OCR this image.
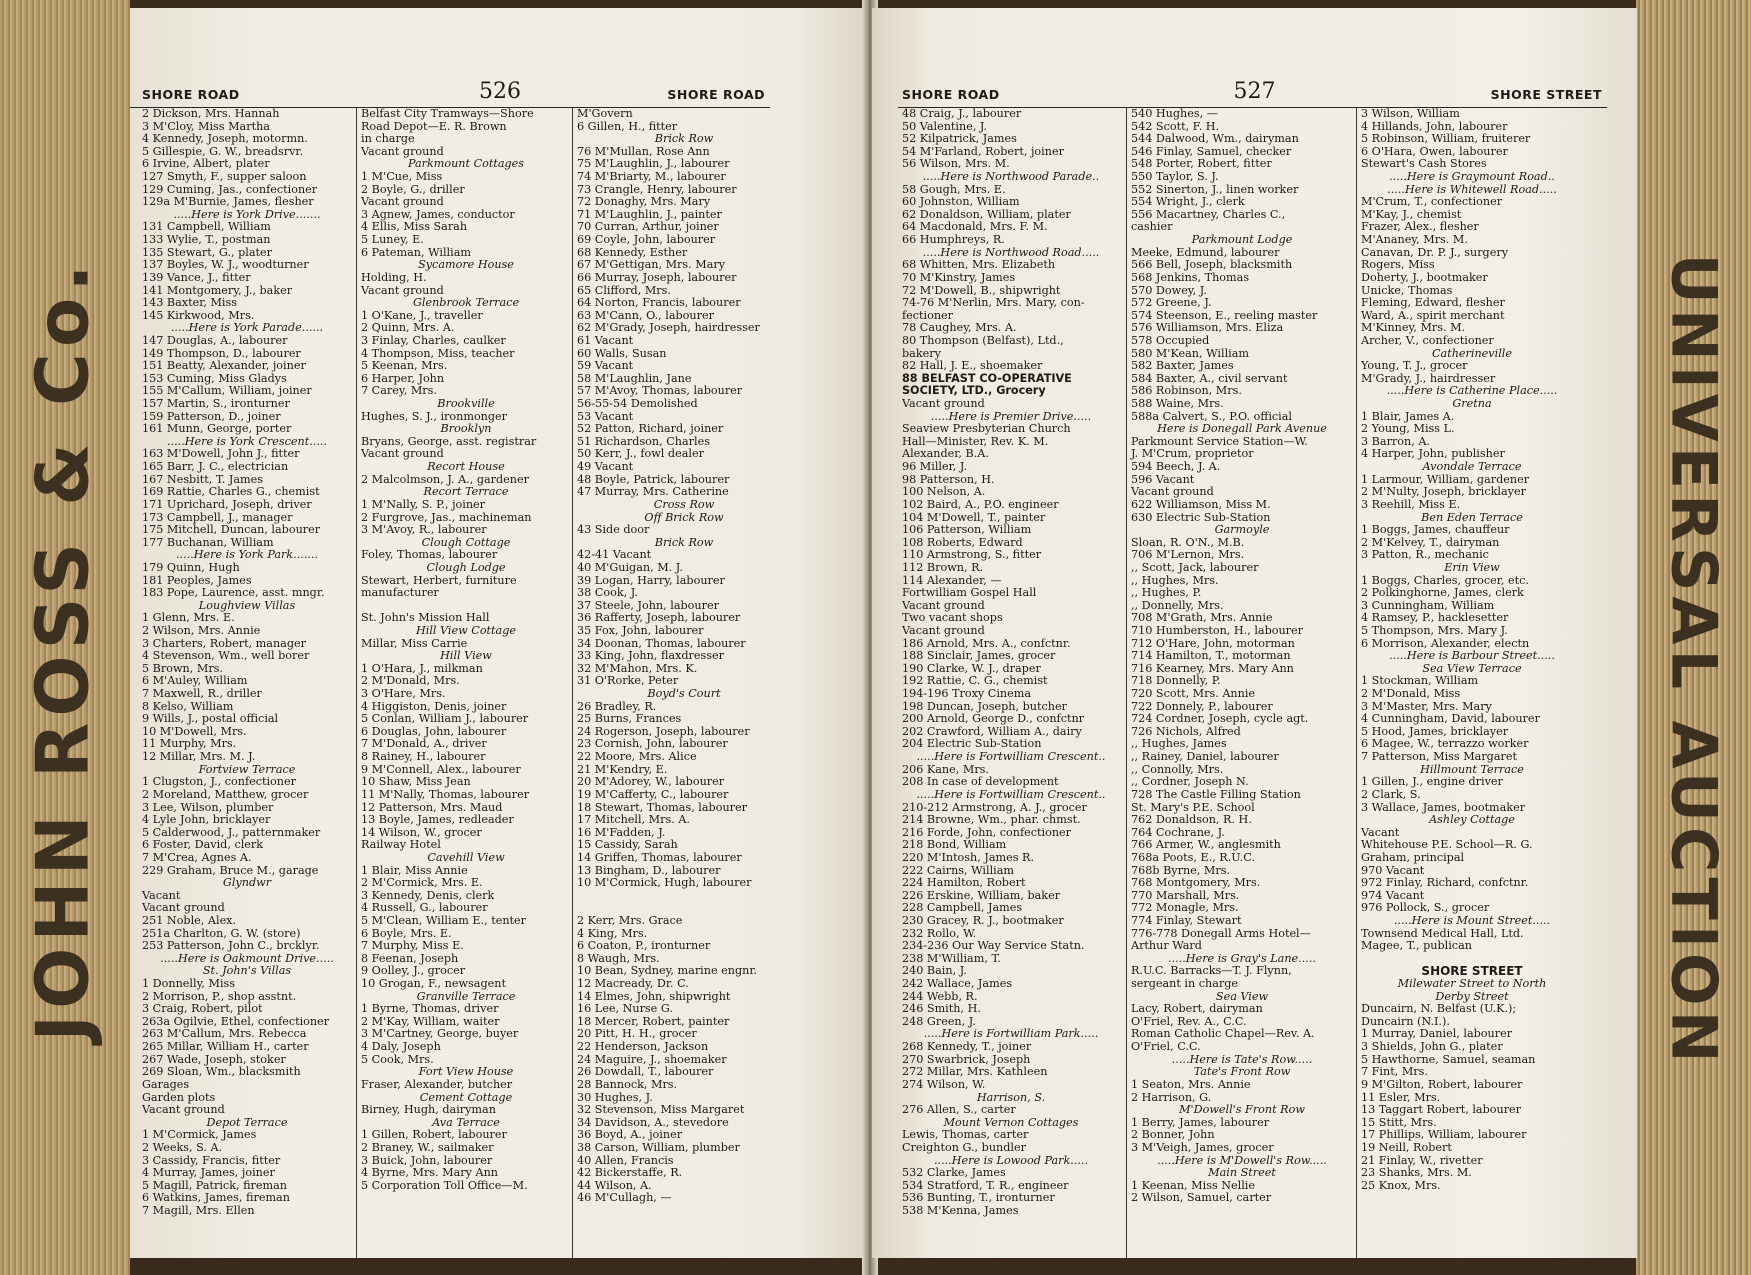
JOHN ROSS & Co.	UNIVERSAL AUCTION
SHORE ROAD	526	SHORE ROAD
2 Dickson, Mrs. Hannah
3 M'Cloy, Miss Martha
4 Kennedy, Joseph, motormn.
5 Gillespie, G. W., breadsrvr.
6 Irvine, Albert, plater
127 Smyth, F., supper saloon
129 Cuming, Jas., confectioner
129a M'Burnie, James, flesher
.....Here is York Drive.......
131 Campbell, William
133 Wylie, T., postman
135 Stewart, G., plater
137 Boyles, W. J., woodturner
139 Vance, J., fitter
141 Montgomery, J., baker
143 Baxter, Miss
145 Kirkwood, Mrs.
.....Here is York Parade......
147 Douglas, A., labourer
149 Thompson, D., labourer
151 Beatty, Alexander, joiner
153 Cuming, Miss Gladys
155 M'Callum, William, joiner
157 Martin, S., ironturner
159 Patterson, D., joiner
161 Munn, George, porter
.....Here is York Crescent.....
163 M'Dowell, John J., fitter
165 Barr, J. C., electrician
167 Nesbitt, T. James
169 Rattie, Charles G., chemist
171 Uprichard, Joseph, driver
173 Campbell, J., manager
175 Mitchell, Duncan, labourer
177 Buchanan, William
.....Here is York Park.......
179 Quinn, Hugh
181 Peoples, James
183 Pope, Laurence, asst. mngr.
Loughview Villas
1 Glenn, Mrs. E.
2 Wilson, Mrs. Annie
3 Charters, Robert, manager
4 Stevenson, Wm., well borer
5 Brown, Mrs.
6 M'Auley, William
7 Maxwell, R., driller
8 Kelso, William
9 Wills, J., postal official
10 M'Dowell, Mrs.
11 Murphy, Mrs.
12 Millar, Mrs. M. J.
Fortview Terrace
1 Clugston, J., confectioner
2 Moreland, Matthew, grocer
3 Lee, Wilson, plumber
4 Lyle John, bricklayer
5 Calderwood, J., patternmaker
6 Foster, David, clerk
7 M'Crea, Agnes A.
229 Graham, Bruce M., garage
Glyndwr
Vacant
Vacant ground
251 Noble, Alex.
251a Charlton, G. W. (store)
253 Patterson, John C., brcklyr.
.....Here is Oakmount Drive.....
St. John's Villas
1 Donnelly, Miss
2 Morrison, P., shop asstnt.
3 Craig, Robert, pilot
263a Ogilvie, Ethel, confectioner
263 M'Callum, Mrs. Rebecca
265 Millar, William H., carter
267 Wade, Joseph, stoker
269 Sloan, Wm., blacksmith
Garages
Garden plots
Vacant ground
Depot Terrace
1 M'Cormick, James
2 Weeks, S. A.
3 Cassidy, Francis, fitter
4 Murray, James, joiner
5 Magill, Patrick, fireman
6 Watkins, James, fireman
7 Magill, Mrs. Ellen
Belfast City Tramways—Shore
Road Depot—E. R. Brown
in charge
Vacant ground
Parkmount Cottages
1 M'Cue, Miss
2 Boyle, G., driller
Vacant ground
3 Agnew, James, conductor
4 Ellis, Miss Sarah
5 Luney, E.
6 Pateman, William
Sycamore House
Holding, H.
Vacant ground
Glenbrook Terrace
1 O'Kane, J., traveller
2 Quinn, Mrs. A.
3 Finlay, Charles, caulker
4 Thompson, Miss, teacher
5 Keenan, Mrs.
6 Harper, John
7 Carey, Mrs.
Brookville
Hughes, S. J., ironmonger
Brooklyn
Bryans, George, asst. registrar
Vacant ground
Recort House
2 Malcolmson, J. A., gardener
Recort Terrace
1 M'Nally, S. P., joiner
2 Furgrove, Jas., machineman
3 M'Avoy, R., labourer
Clough Cottage
Foley, Thomas, labourer
Clough Lodge
Stewart, Herbert, furniture
manufacturer
St. John's Mission Hall
Hill View Cottage
Millar, Miss Carrie
Hill View
1 O'Hara, J., milkman
2 M'Donald, Mrs.
3 O'Hare, Mrs.
4 Higgiston, Denis, joiner
5 Conlan, William J., labourer
6 Douglas, John, labourer
7 M'Donald, A., driver
8 Rainey, H., labourer
9 M'Connell, Alex., labourer
10 Shaw, Miss Jean
11 M'Nally, Thomas, labourer
12 Patterson, Mrs. Maud
13 Boyle, James, redleader
14 Wilson, W., grocer
Railway Hotel
Cavehill View
1 Blair, Miss Annie
2 M'Cormick, Mrs. E.
3 Kennedy, Denis, clerk
4 Russell, G., labourer
5 M'Clean, William E., tenter
6 Boyle, Mrs. E.
7 Murphy, Miss E.
8 Feenan, Joseph
9 Oolley, J., grocer
10 Grogan, F., newsagent
Granville Terrace
1 Byrne, Thomas, driver
2 M'Kay, William, waiter
3 M'Cartney, George, buyer
4 Daly, Joseph
5 Cook, Mrs.
Fort View House
Fraser, Alexander, butcher
Cement Cottage
Birney, Hugh, dairyman
Ava Terrace
1 Gillen, Robert, labourer
2 Braney, W., sailmaker
3 Buick, John, labourer
4 Byrne, Mrs. Mary Ann
5 Corporation Toll Office—M.
M'Govern
6 Gillen, H., fitter
Brick Row
76 M'Mullan, Rose Ann
75 M'Laughlin, J., labourer
74 M'Briarty, M., labourer
73 Crangle, Henry, labourer
72 Donaghy, Mrs. Mary
71 M'Laughlin, J., painter
70 Curran, Arthur, joiner
69 Coyle, John, labourer
68 Kennedy, Esther
67 M'Gettigan, Mrs. Mary
66 Murray, Joseph, labourer
65 Clifford, Mrs.
64 Norton, Francis, labourer
63 M'Cann, O., labourer
62 M'Grady, Joseph, hairdresser
61 Vacant
60 Walls, Susan
59 Vacant
58 M'Laughlin, Jane
57 M'Avoy, Thomas, labourer
56-55-54 Demolished
53 Vacant
52 Patton, Richard, joiner
51 Richardson, Charles
50 Kerr, J., fowl dealer
49 Vacant
48 Boyle, Patrick, labourer
47 Murray, Mrs. Catherine
Cross Row
Off Brick Row
43 Side door
Brick Row
42-41 Vacant
40 M'Guigan, M. J.
39 Logan, Harry, labourer
38 Cook, J.
37 Steele, John, labourer
36 Rafferty, Joseph, labourer
35 Fox, John, labourer
34 Doonan, Thomas, labourer
33 King, John, flaxdresser
32 M'Mahon, Mrs. K.
31 O'Rorke, Peter
Boyd's Court
26 Bradley, R.
25 Burns, Frances
24 Rogerson, Joseph, labourer
23 Cornish, John, labourer
22 Moore, Mrs. Alice
21 M'Kendry, E.
20 M'Adorey, W., labourer
19 M'Cafferty, C., labourer
18 Stewart, Thomas, labourer
17 Mitchell, Mrs. A.
16 M'Fadden, J.
15 Cassidy, Sarah
14 Griffen, Thomas, labourer
13 Bingham, D., labourer
10 M'Cormick, Hugh, labourer
2 Kerr, Mrs. Grace
4 King, Mrs.
6 Coaton, P., ironturner
8 Waugh, Mrs.
10 Bean, Sydney, marine engnr.
12 Macready, Dr. C.
14 Elmes, John, shipwright
16 Lee, Nurse G.
18 Mercer, Robert, painter
20 Pitt, H. H., grocer
22 Henderson, Jackson
24 Maguire, J., shoemaker
26 Dowdall, T., labourer
28 Bannock, Mrs.
30 Hughes, J.
32 Stevenson, Miss Margaret
34 Davidson, A., stevedore
36 Boyd, A., joiner
38 Carson, William, plumber
40 Allen, Francis
42 Bickerstaffe, R.
44 Wilson, A.
46 M'Cullagh, —
SHORE ROAD	527	SHORE STREET
48 Craig, J., labourer
50 Valentine, J.
52 Kilpatrick, James
54 M'Farland, Robert, joiner
56 Wilson, Mrs. M.
.....Here is Northwood Parade..
58 Gough, Mrs. E.
60 Johnston, William
62 Donaldson, William, plater
64 Macdonald, Mrs. F. M.
66 Humphreys, R.
.....Here is Northwood Road.....
68 Whitten, Mrs. Elizabeth
70 M'Kinstry, James
72 M'Dowell, B., shipwright
74-76 M'Nerlin, Mrs. Mary, con-
fectioner
78 Caughey, Mrs. A.
80 Thompson (Belfast), Ltd.,
bakery
82 Hall, J. E., shoemaker
88 BELFAST CO-OPERATIVE
SOCIETY, LTD., Grocery
Vacant ground
.....Here is Premier Drive.....
Seaview Presbyterian Church
Hall—Minister, Rev. K. M.
Alexander, B.A.
96 Miller, J.
98 Patterson, H.
100 Nelson, A.
102 Baird, A., P.O. engineer
104 M'Dowell, T., painter
106 Patterson, William
108 Roberts, Edward
110 Armstrong, S., fitter
112 Brown, R.
114 Alexander, —
Fortwilliam Gospel Hall
Vacant ground
Two vacant shops
Vacant ground
186 Arnold, Mrs. A., confctnr.
188 Sinclair, James, grocer
190 Clarke, W. J., draper
192 Rattie, C. G., chemist
194-196 Troxy Cinema
198 Duncan, Joseph, butcher
200 Arnold, George D., confctnr
202 Crawford, William A., dairy
204 Electric Sub-Station
.....Here is Fortwilliam Crescent..
206 Kane, Mrs.
208 In case of development
.....Here is Fortwilliam Crescent..
210-212 Armstrong, A. J., grocer
214 Browne, Wm., phar. chmst.
216 Forde, John, confectioner
218 Bond, William
220 M'Intosh, James R.
222 Cairns, William
224 Hamilton, Robert
226 Erskine, William, baker
228 Campbell, James
230 Gracey, R. J., bootmaker
232 Rollo, W.
234-236 Our Way Service Statn.
238 M'William, T.
240 Bain, J.
242 Wallace, James
244 Webb, R.
246 Smith, H.
248 Green, J.
.....Here is Fortwilliam Park.....
268 Kennedy, T., joiner
270 Swarbrick, Joseph
272 Millar, Mrs. Kathleen
274 Wilson, W.
Harrison, S.
276 Allen, S., carter
Mount Vernon Cottages
Lewis, Thomas, carter
Creighton G., bundler
.....Here is Lowood Park.....
532 Clarke, James
534 Stratford, T. R., engineer
536 Bunting, T., ironturner
538 M'Kenna, James
540 Hughes, —
542 Scott, F. H.
544 Dalwood, Wm., dairyman
546 Finlay, Samuel, checker
548 Porter, Robert, fitter
550 Taylor, S. J.
552 Sinerton, J., linen worker
554 Wright, J., clerk
556 Macartney, Charles C.,
cashier
Parkmount Lodge
Meeke, Edmund, labourer
566 Bell, Joseph, blacksmith
568 Jenkins, Thomas
570 Dowey, J.
572 Greene, J.
574 Steenson, E., reeling master
576 Williamson, Mrs. Eliza
578 Occupied
580 M'Kean, William
582 Baxter, James
584 Baxter, A., civil servant
586 Robinson, Mrs.
588 Waine, Mrs.
588a Calvert, S., P.O. official
Here is Donegall Park Avenue
Parkmount Service Station—W.
J. M'Crum, proprietor
594 Beech, J. A.
596 Vacant
Vacant ground
622 Williamson, Miss M.
630 Electric Sub-Station
Garmoyle
Sloan, R. O'N., M.B.
706 M'Lernon, Mrs.
,, Scott, Jack, labourer
,, Hughes, Mrs.
,, Hughes, P.
,, Donnelly, Mrs.
708 M'Grath, Mrs. Annie
710 Humberston, H., labourer
712 O'Hare, John, motorman
714 Hamilton, T., motorman
716 Kearney, Mrs. Mary Ann
718 Donnelly, P.
720 Scott, Mrs. Annie
722 Donnely, P., labourer
724 Cordner, Joseph, cycle agt.
726 Nichols, Alfred
,, Hughes, James
,, Rainey, Daniel, labourer
,, Connolly, Mrs.
,, Cordner, Joseph N.
728 The Castle Filling Station
St. Mary's P.E. School
762 Donaldson, R. H.
764 Cochrane, J.
766 Armer, W., anglesmith
768a Poots, E., R.U.C.
768b Byrne, Mrs.
768 Montgomery, Mrs.
770 Marshall, Mrs.
772 Monagle, Mrs.
774 Finlay, Stewart
776-778 Donegall Arms Hotel—
Arthur Ward
.....Here is Gray's Lane.....
R.U.C. Barracks—T. J. Flynn,
sergeant in charge
Sea View
Lacy, Robert, dairyman
O'Friel, Rev. A., C.C.
Roman Catholic Chapel—Rev. A.
O'Friel, C.C.
.....Here is Tate's Row.....
Tate's Front Row
1 Seaton, Mrs. Annie
2 Harrison, G.
M'Dowell's Front Row
1 Berry, James, labourer
2 Bonner, John
3 M'Veigh, James, grocer
.....Here is M'Dowell's Row.....
Main Street
1 Keenan, Miss Nellie
2 Wilson, Samuel, carter
3 Wilson, William
4 Hillands, John, labourer
5 Robinson, William, fruiterer
6 O'Hara, Owen, labourer
Stewart's Cash Stores
.....Here is Graymount Road..
.....Here is Whitewell Road.....
M'Crum, T., confectioner
M'Kay, J., chemist
Frazer, Alex., flesher
M'Ananey, Mrs. M.
Canavan, Dr. P. J., surgery
Rogers, Miss
Doherty, J., bootmaker
Unicke, Thomas
Fleming, Edward, flesher
Ward, A., spirit merchant
M'Kinney, Mrs. M.
Archer, V., confectioner
Catherineville
Young, T. J., grocer
M'Grady, J., hairdresser
.....Here is Catherine Place.....
Gretna
1 Blair, James A.
2 Young, Miss L.
3 Barron, A.
4 Harper, John, publisher
Avondale Terrace
1 Larmour, William, gardener
2 M'Nulty, Joseph, bricklayer
3 Reehill, Miss E.
Ben Eden Terrace
1 Boggs, James, chauffeur
2 M'Kelvey, T., dairyman
3 Patton, R., mechanic
Erin View
1 Boggs, Charles, grocer, etc.
2 Polkinghorne, James, clerk
3 Cunningham, William
4 Ramsey, P., hacklesetter
5 Thompson, Mrs. Mary J.
6 Morrison, Alexander, electn
.....Here is Barbour Street.....
Sea View Terrace
1 Stockman, William
2 M'Donald, Miss
3 M'Master, Mrs. Mary
4 Cunningham, David, labourer
5 Hood, James, bricklayer
6 Magee, W., terrazzo worker
7 Patterson, Miss Margaret
Hillmount Terrace
1 Gillen, J., engine driver
2 Clark, S.
3 Wallace, James, bootmaker
Ashley Cottage
Vacant
Whitehouse P.E. School—R. G.
Graham, principal
970 Vacant
972 Finlay, Richard, confctnr.
974 Vacant
976 Pollock, S., grocer
.....Here is Mount Street.....
Townsend Medical Hall, Ltd.
Magee, T., publican
SHORE STREET
Milewater Street to North
Derby Street
Duncairn, N. Belfast (U.K.);
Duncairn (N.I.).
1 Murray, Daniel, labourer
3 Shields, John G., plater
5 Hawthorne, Samuel, seaman
7 Fint, Mrs.
9 M'Gilton, Robert, labourer
11 Esler, Mrs.
13 Taggart Robert, labourer
15 Stitt, Mrs.
17 Phillips, William, labourer
19 Neill, Robert
21 Finlay, W., rivetter
23 Shanks, Mrs. M.
25 Knox, Mrs.
